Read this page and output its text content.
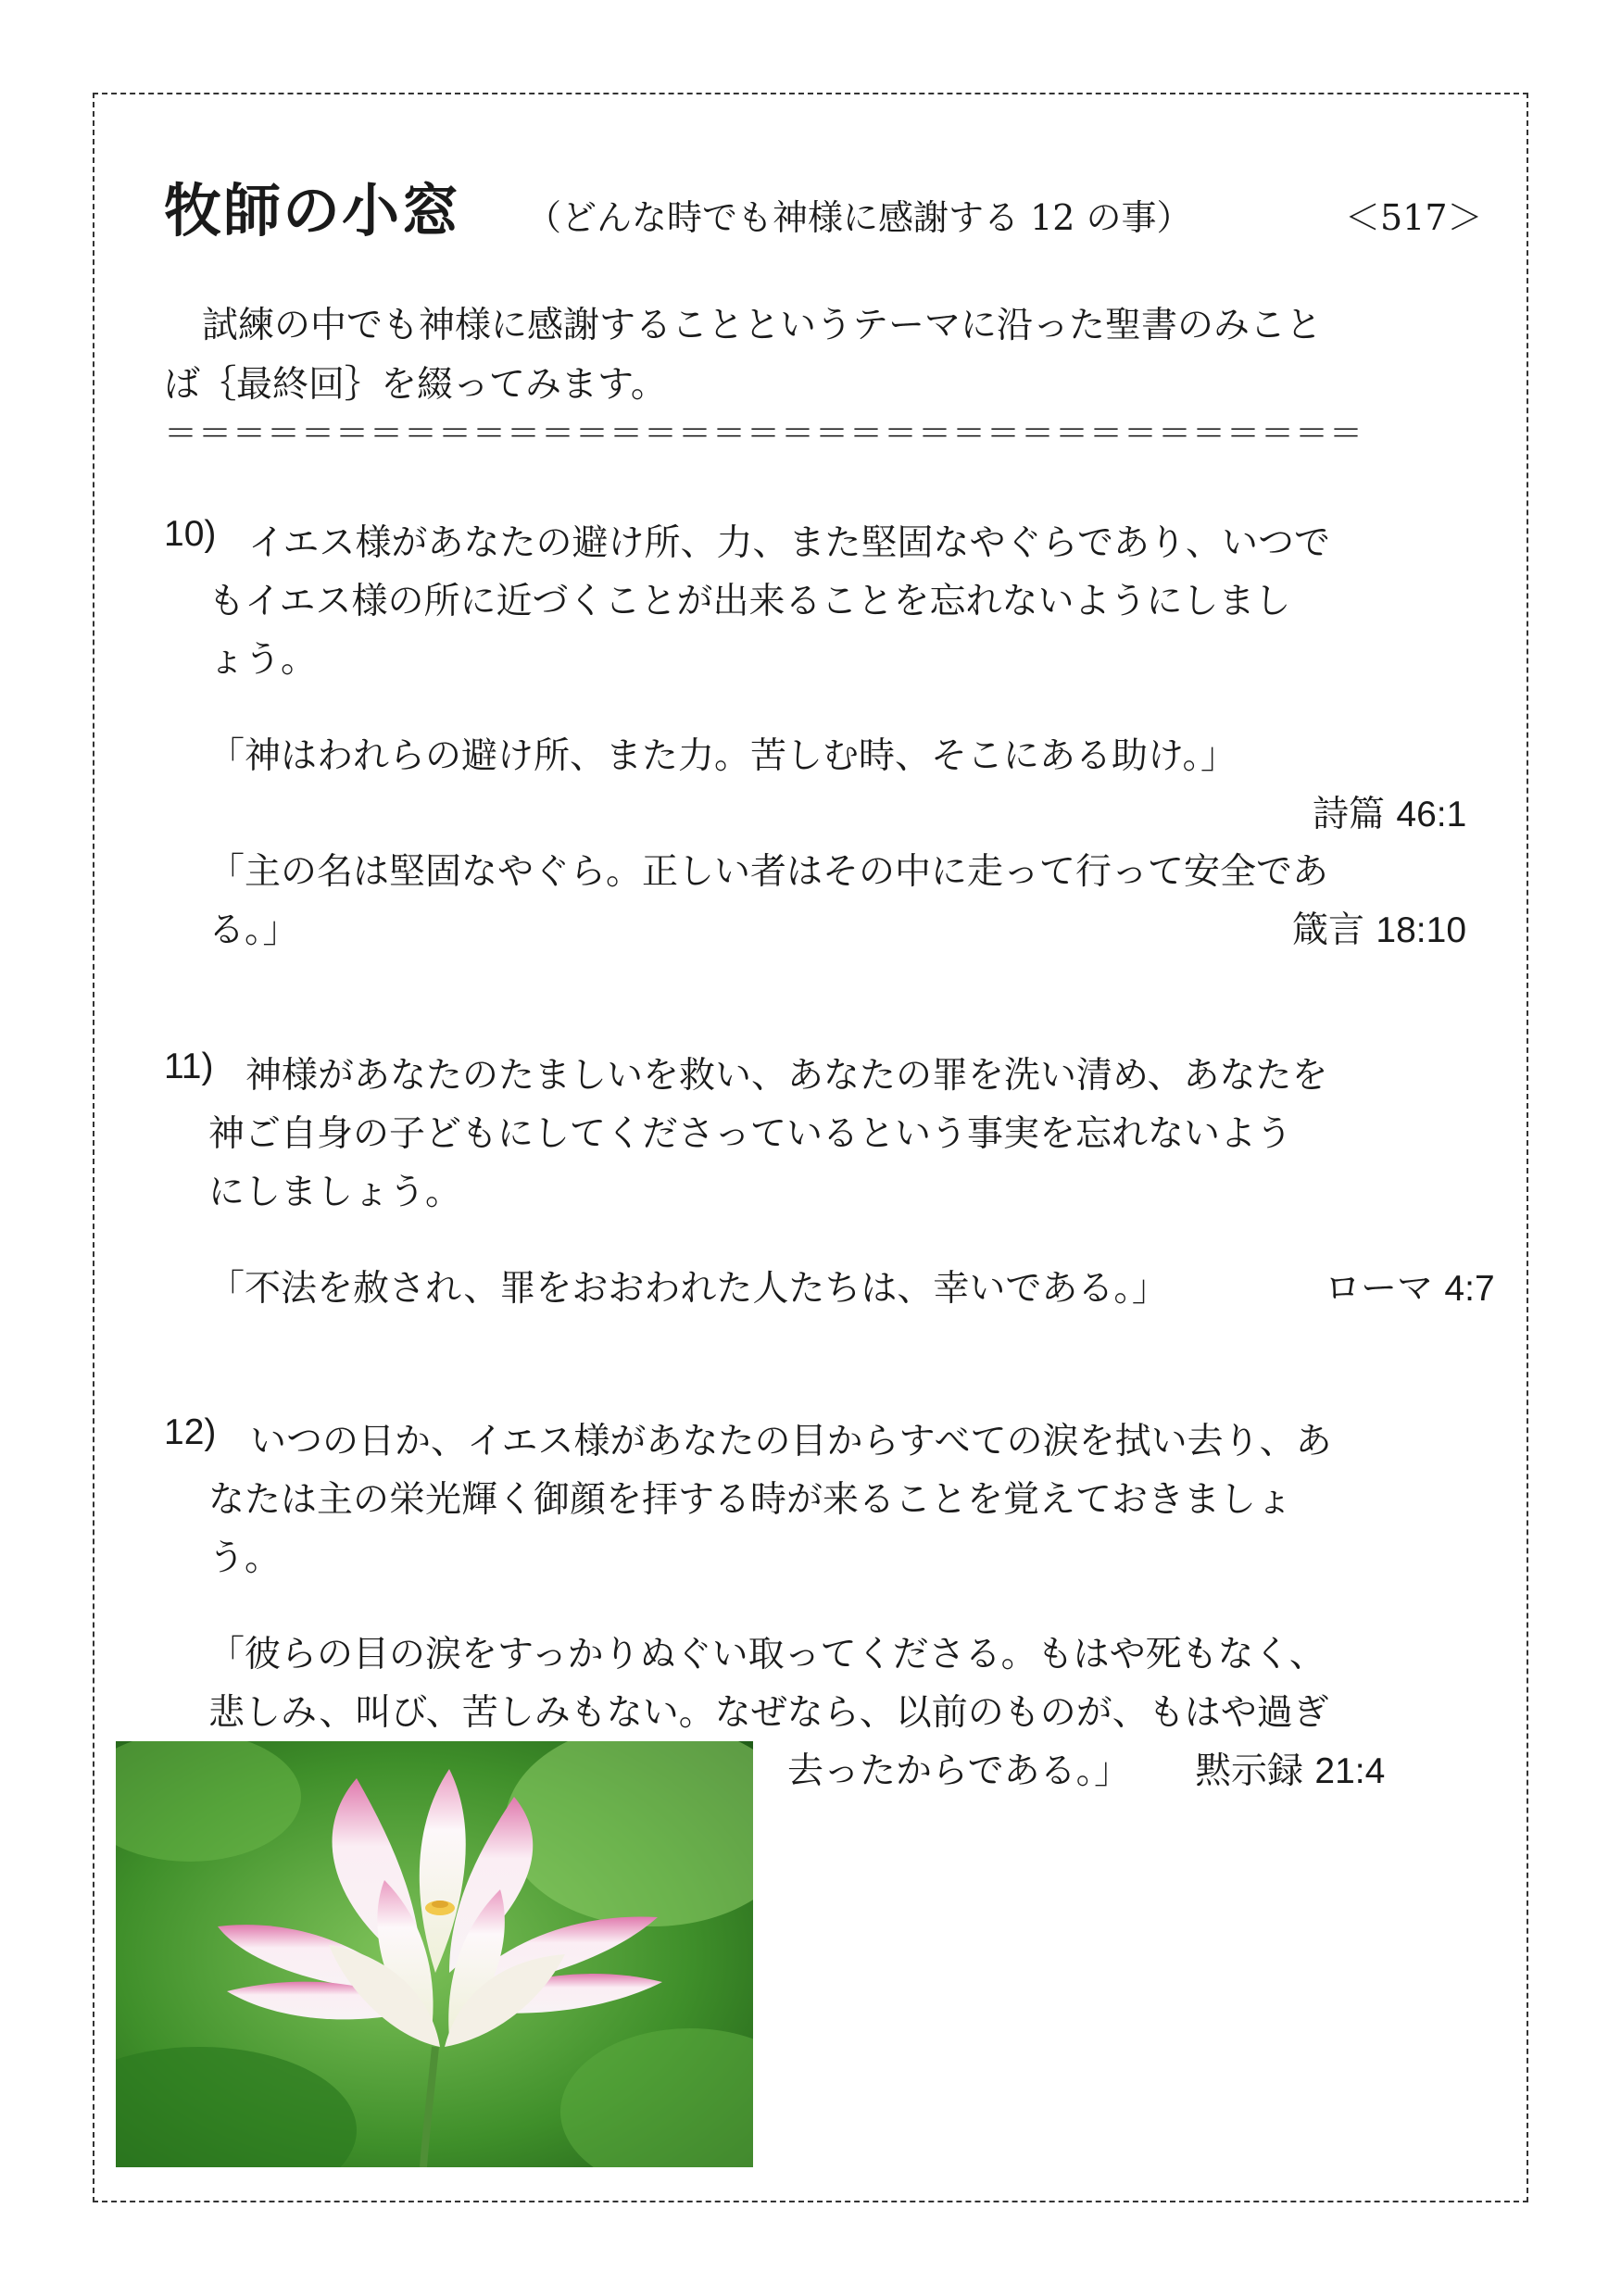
牧師の小窓 （どんな時でも神様に感謝する 12 の事）	＜517＞
試練の中でも神様に感謝することというテーマに沿った聖書のみこと
ば｛最終回｝を綴ってみます。
＝＝＝＝＝＝＝＝＝＝＝＝＝＝＝＝＝＝＝＝＝＝＝＝＝＝＝＝＝＝＝＝＝＝＝
10) イエス様があなたの避け所、力、また堅固なやぐらであり、いつで
もイエス様の所に近づくことが出来ることを忘れないようにしまし
ょう。
「神はわれらの避け所、また力。苦しむ時、そこにある助け。」
詩篇 46:1
「主の名は堅固なやぐら。正しい者はその中に走って行って安全であ
る。」	箴言 18:10
11) 神様があなたのたましいを救い、あなたの罪を洗い清め、あなたを
神ご自身の子どもにしてくださっているという事実を忘れないよう
にしましょう。
「不法を赦され、罪をおおわれた人たちは、幸いである。」	ローマ 4:7
12) いつの日か、イエス様があなたの目からすべての涙を拭い去り、あ
なたは主の栄光輝く御顔を拝する時が来ることを覚えておきましょ
う。
「彼らの目の涙をすっかりぬぐい取ってくださる。もはや死もなく、
悲しみ、叫び、苦しみもない。なぜなら、以前のものが、もはや過ぎ
去ったからである。」 黙示録 21:4
